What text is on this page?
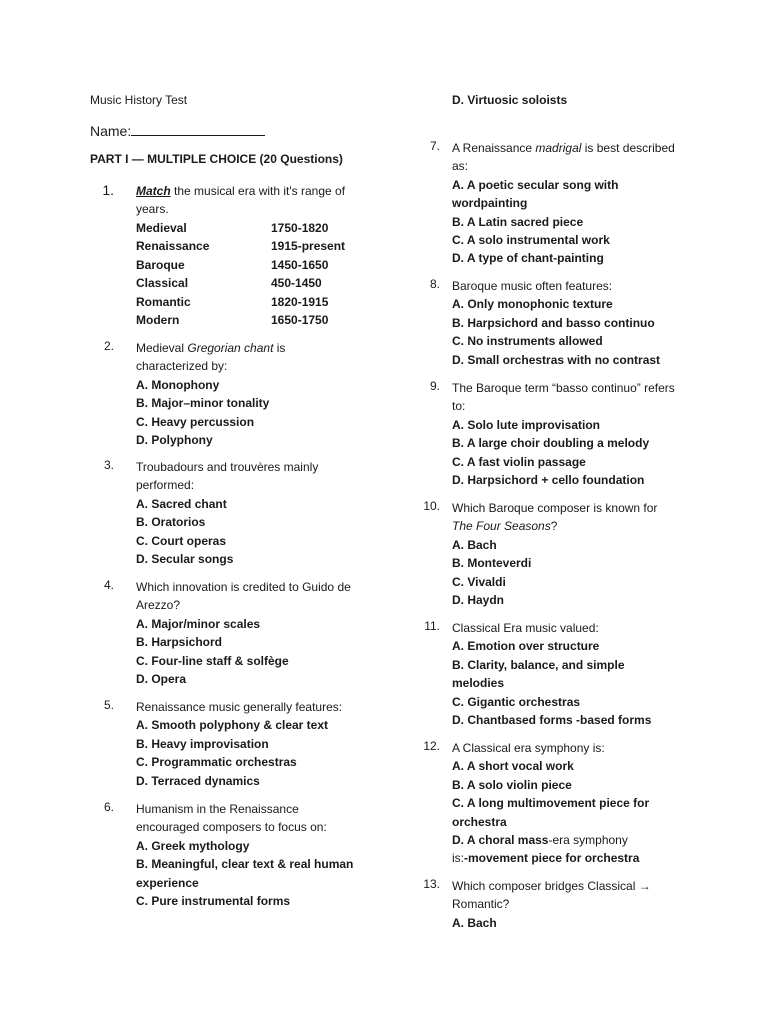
Music History Test
Name:
PART I — MULTIPLE CHOICE (20 Questions)
1. Match the musical era with it's range of
years.
Medieval	1750-1820
Renaissance	1915-present
Baroque	1450-1650
Classical	450-1450
Romantic	1820-1915
Modern	1650-1750
2. Medieval Gregorian chant is
characterized by:
A. Monophony
B. Major–minor tonality
C. Heavy percussion
D. Polyphony
3. Troubadours and trouvères mainly
performed:
A. Sacred chant
B. Oratorios
C. Court operas
D. Secular songs
4. Which innovation is credited to Guido de
Arezzo?
A. Major/minor scales
B. Harpsichord
C. Four-line staff & solfège
D. Opera
5. Renaissance music generally features:
A. Smooth polyphony & clear text
B. Heavy improvisation
C. Programmatic orchestras
D. Terraced dynamics
6. Humanism in the Renaissance
encouraged composers to focus on:
A. Greek mythology
B. Meaningful, clear text & real human
experience
C. Pure instrumental forms
D. Virtuosic soloists
7. A Renaissance madrigal is best described
as:
A. A poetic secular song with
wordpainting
B. A Latin sacred piece
C. A solo instrumental work
D. A type of chant-painting
8. Baroque music often features:
A. Only monophonic texture
B. Harpsichord and basso continuo
C. No instruments allowed
D. Small orchestras with no contrast
9. The Baroque term “basso continuo” refers
to:
A. Solo lute improvisation
B. A large choir doubling a melody
C. A fast violin passage
D. Harpsichord + cello foundation
10. Which Baroque composer is known for
The Four Seasons?
A. Bach
B. Monteverdi
C. Vivaldi
D. Haydn
11. Classical Era music valued:
A. Emotion over structure
B. Clarity, balance, and simple
melodies
C. Gigantic orchestras
D. Chantbased forms -based forms
12. A Classical era symphony is:
A. A short vocal work
B. A solo violin piece
C. A long multimovement piece for
orchestra
D. A choral mass-era symphony
is:-movement piece for orchestra
13. Which composer bridges Classical →
Romantic?
A. Bach
